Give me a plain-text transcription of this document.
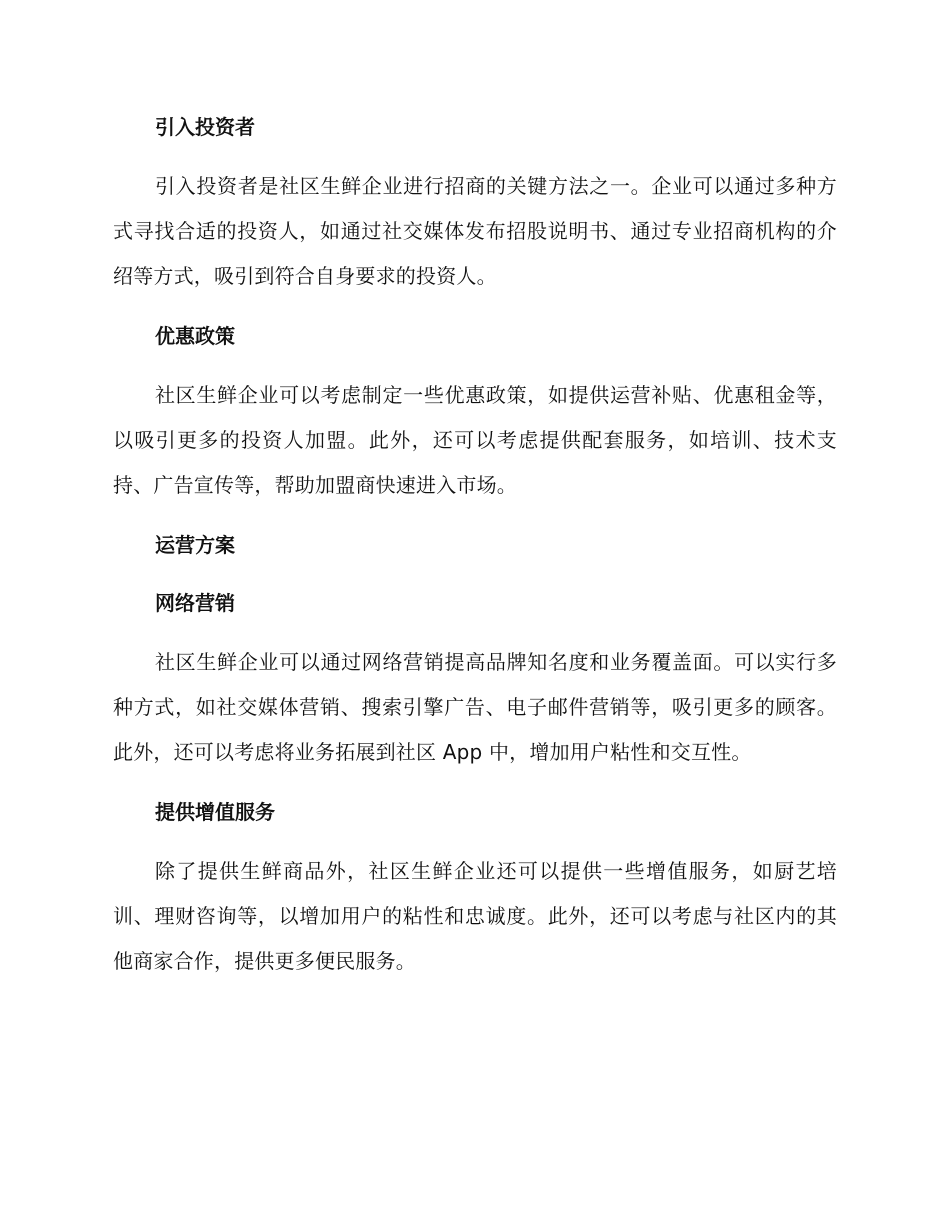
引入投资者

引入投资者是社区生鲜企业进行招商的关键方法之一。企业可以通过多种方式寻找合适的投资人，如通过社交媒体发布招股说明书、通过专业招商机构的介绍等方式，吸引到符合自身要求的投资人。

优惠政策

社区生鲜企业可以考虑制定一些优惠政策，如提供运营补贴、优惠租金等，以吸引更多的投资人加盟。此外，还可以考虑提供配套服务，如培训、技术支持、广告宣传等，帮助加盟商快速进入市场。

运营方案
网络营销

社区生鲜企业可以通过网络营销提高品牌知名度和业务覆盖面。可以实行多种方式，如社交媒体营销、搜索引擎广告、电子邮件营销等，吸引更多的顾客。此外，还可以考虑将业务拓展到社区 App 中，增加用户粘性和交互性。

提供增值服务

除了提供生鲜商品外，社区生鲜企业还可以提供一些增值服务，如厨艺培训、理财咨询等，以增加用户的粘性和忠诚度。此外，还可以考虑与社区内的其他商家合作，提供更多便民服务。
